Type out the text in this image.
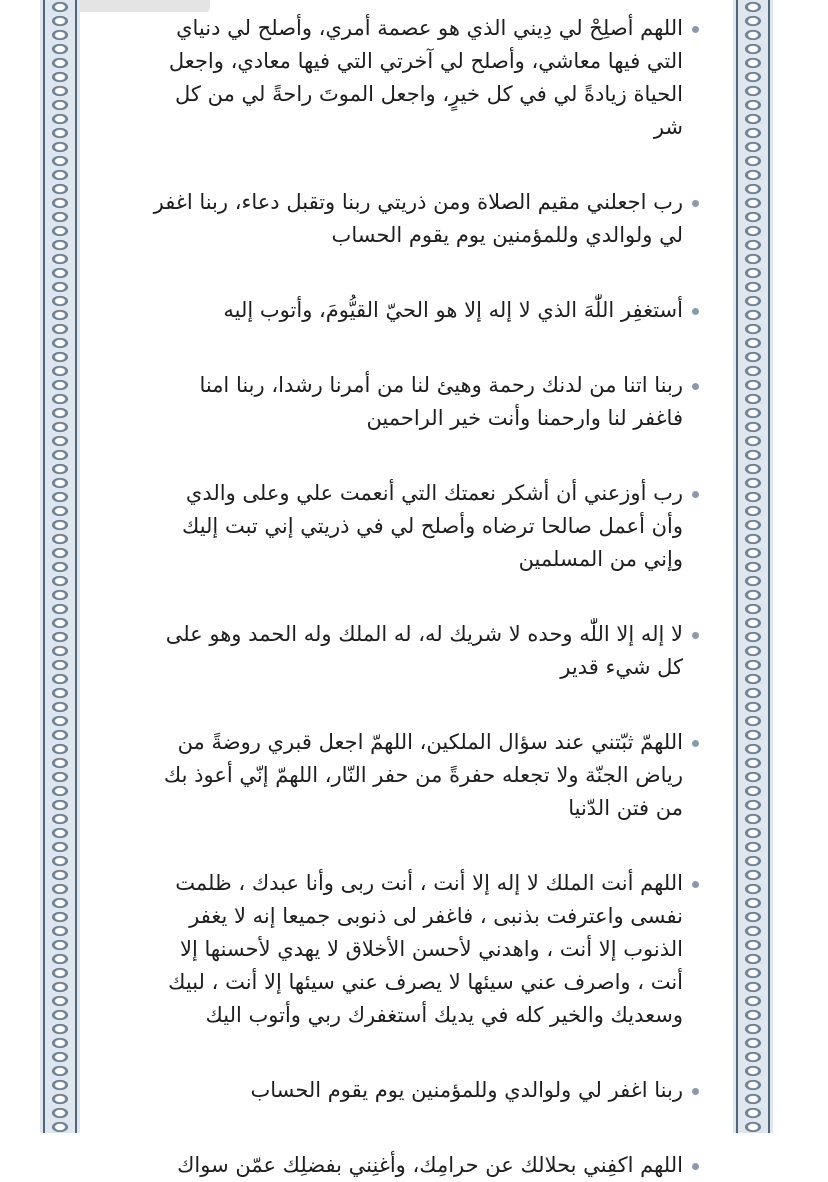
اللهم أصلِحْ لي دِيني الذي هو عصمة أمري، وأصلح لي دنياي التي فيها معاشي، وأصلح لي آخرتي التي فيها معادي، واجعل الحياة زيادةً لي في كل خيرٍ، واجعل الموتَ راحةً لي من كل شر

رب اجعلني مقيم الصلاة ومن ذريتي ربنا وتقبل دعاء، ربنا اغفر لي ولوالدي وللمؤمنين يوم يقوم الحساب

أستغفِر اللّٰهَ الذي لا إله إلا هو الحيّ القيُّومَ، وأتوب إليه

ربنا اتنا من لدنك رحمة وهيئ لنا من أمرنا رشدا، ربنا امنا فاغفر لنا وارحمنا وأنت خير الراحمين

رب أوزعني أن أشكر نعمتك التي أنعمت علي وعلى والدي وأن أعمل صالحا ترضاه وأصلح لي في ذريتي إني تبت إليك وإني من المسلمين

لا إله إلا اللّٰه وحده لا شريك له، له الملك وله الحمد وهو على كل شيء قدير

اللهمّ ثبّتني عند سؤال الملكين، اللهمّ اجعل قبري روضةً من رياض الجنّة ولا تجعله حفرةً من حفر النّار، اللهمّ إنّي أعوذ بك من فتن الدّنيا

اللهم أنت الملك لا إله إلا أنت ، أنت ربى وأنا عبدك ، ظلمت نفسى واعترفت بذنبى ، فاغفر لى ذنوبى جميعا إنه لا يغفر الذنوب إلا أنت ، واهدني لأحسن الأخلاق لا يهدي لأحسنها إلا أنت ، واصرف عني سيئها لا يصرف عني سيئها إلا أنت ، لبيك وسعديك والخير كله في يديك أستغفرك ربي وأتوب اليك

ربنا اغفر لي ولوالدي وللمؤمنين يوم يقوم الحساب

اللهم اكفِني بحلالك عن حرامِك، وأغنِني بفضلِك عمّن سواك
